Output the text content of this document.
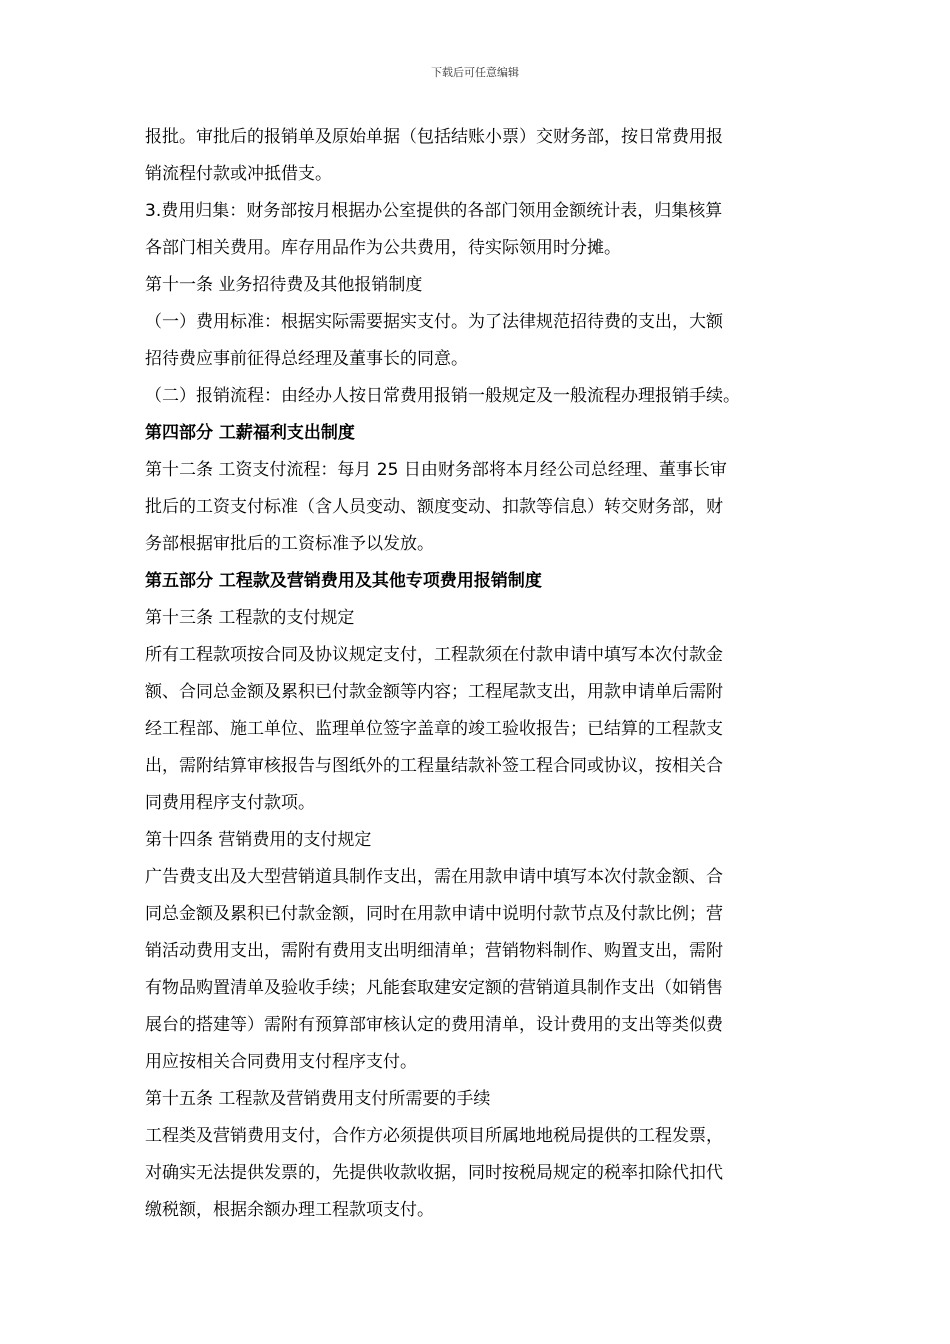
下载后可任意编辑
报批。审批后的报销单及原始单据（包括结账小票）交财务部，按日常费用报
销流程付款或冲抵借支。
3.费用归集：财务部按月根据办公室提供的各部门领用金额统计表，归集核算
各部门相关费用。库存用品作为公共费用，待实际领用时分摊。
第十一条 业务招待费及其他报销制度
（一）费用标准：根据实际需要据实支付。为了法律规范招待费的支出，大额
招待费应事前征得总经理及董事长的同意。
（二）报销流程：由经办人按日常费用报销一般规定及一般流程办理报销手续。
第四部分 工薪福利支出制度
第十二条 工资支付流程：每月 25 日由财务部将本月经公司总经理、董事长审
批后的工资支付标准（含人员变动、额度变动、扣款等信息）转交财务部，财
务部根据审批后的工资标准予以发放。
第五部分 工程款及营销费用及其他专项费用报销制度
第十三条 工程款的支付规定
所有工程款项按合同及协议规定支付，工程款须在付款申请中填写本次付款金
额、合同总金额及累积已付款金额等内容；工程尾款支出，用款申请单后需附
经工程部、施工单位、监理单位签字盖章的竣工验收报告；已结算的工程款支
出，需附结算审核报告与图纸外的工程量结款补签工程合同或协议，按相关合
同费用程序支付款项。
第十四条 营销费用的支付规定
广告费支出及大型营销道具制作支出，需在用款申请中填写本次付款金额、合
同总金额及累积已付款金额，同时在用款申请中说明付款节点及付款比例；营
销活动费用支出，需附有费用支出明细清单；营销物料制作、购置支出，需附
有物品购置清单及验收手续；凡能套取建安定额的营销道具制作支出（如销售
展台的搭建等）需附有预算部审核认定的费用清单，设计费用的支出等类似费
用应按相关合同费用支付程序支付。
第十五条 工程款及营销费用支付所需要的手续
工程类及营销费用支付，合作方必须提供项目所属地地税局提供的工程发票，
对确实无法提供发票的，先提供收款收据，同时按税局规定的税率扣除代扣代
缴税额，根据余额办理工程款项支付。
